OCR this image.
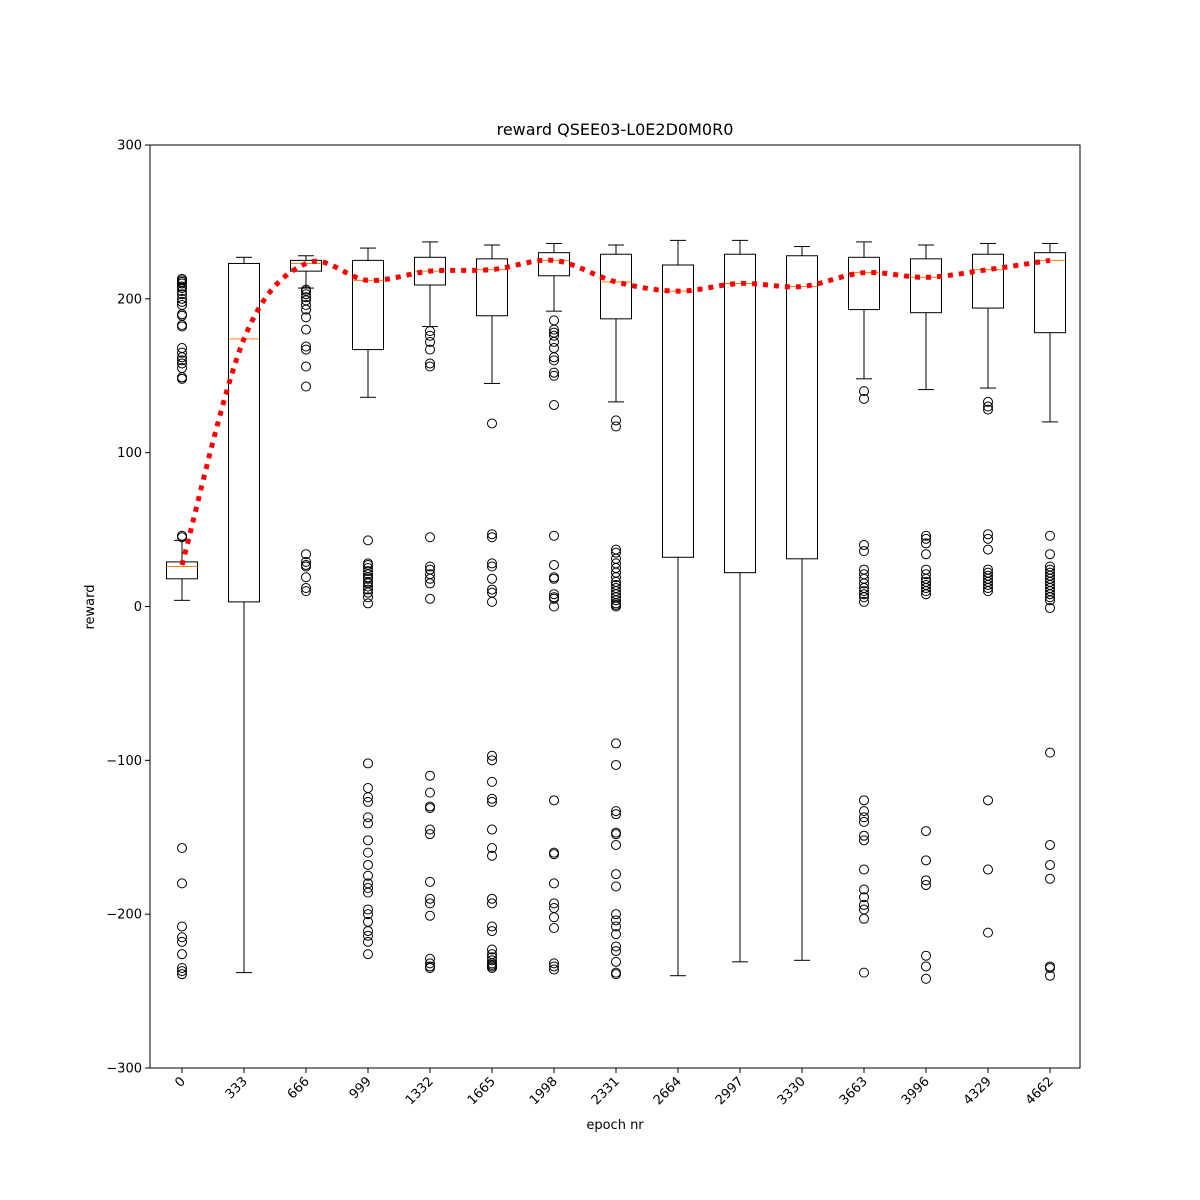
reward QSEE03-L0E2D0M0R0
−300
−200
−100
0
100
200
300
0	333	666	999 1332 1665 1998 2331 2664 2997 3330 3663 3996 4329 4662
epoch nr
reward
